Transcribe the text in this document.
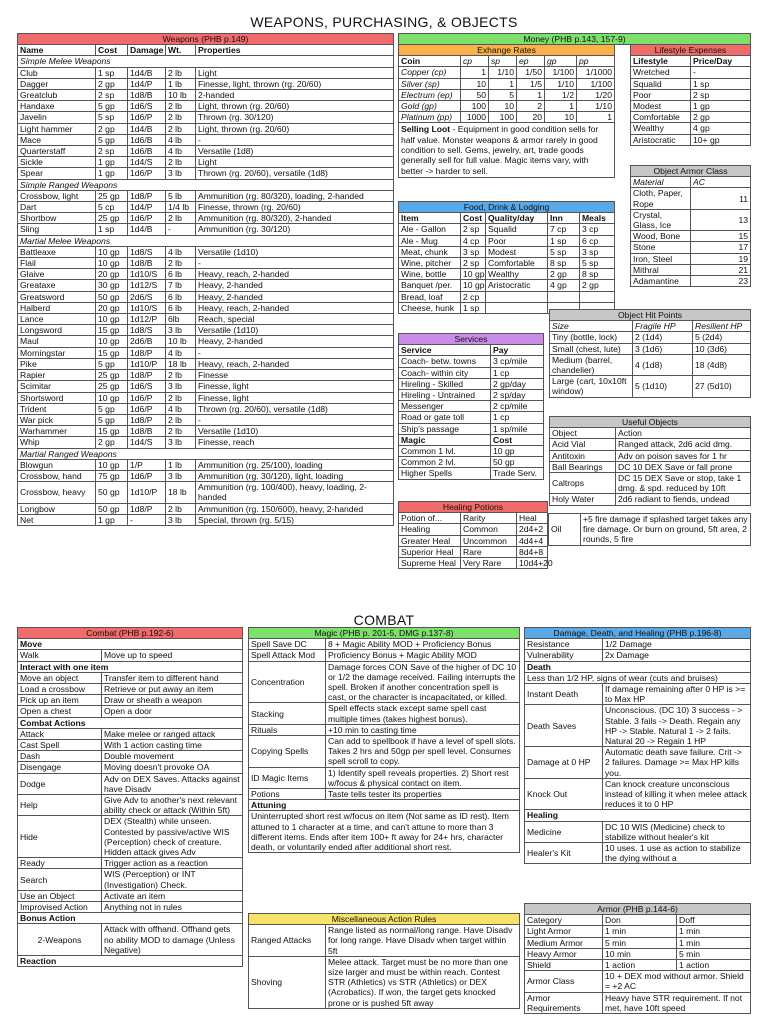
WEAPONS, PURCHASING, & OBJECTS
COMBAT
Weapons (PHB p.149)				
Name	Cost	Damage	Wt.	Properties
Simple Melee Weapons				
Club	1 sp	1d4/B	2 lb	Light
Dagger	2 gp	1d4/P	1 lb	Finesse, light, thrown (rg. 20/60)
Greatclub	2 sp	1d8/B	10 lb	2-handed
Handaxe	5 gp	1d6/S	2 lb	Light, thrown (rg. 20/60)
Javelin	5 sp	1d6/P	2 lb	Thrown (rg. 30/120)
Light hammer	2 gp	1d4/B	2 lb	Light, thrown (rg. 20/60)
Mace	5 gp	1d6/B	4 lb	-
Quarterstaff	2 sp	1d6/B	4 lb	Versatile (1d8)
Sickle	1 gp	1d4/S	2 lb	Light
Spear	1 gp	1d6/P	3 lb	Thrown (rg. 20/60), versatile (1d8)
Simple Ranged Weapons				
Crossbow, light	25 gp	1d8/P	5 lb	Ammunition (rg. 80/320), loading, 2-handed
Dart	5 cp	1d4/P	1/4 lb	Finesse, thrown (rg. 20/60)
Shortbow	25 gp	1d6/P	2 lb	Ammunition (rg. 80/320), 2-handed
Sling	1 sp	1d4/B	-	Ammunition (rg. 30/120)
Martial Melee Weapons				
Battleaxe	10 gp	1d8/S	4 lb	Versatile (1d10)
Flail	10 gp	1d8/B	2 lb	-
Glaive	20 gp	1d10/S	6 lb	Heavy, reach, 2-handed
Greataxe	30 gp	1d12/S	7 lb	Heavy, 2-handed
Greatsword	50 gp	2d6/S	6 lb	Heavy, 2-handed
Halberd	20 gp	1d10/S	6 lb	Heavy, reach, 2-handed
Lance	10 gp	1d12/P	6lb	Reach, special
Longsword	15 gp	1d8/S	3 lb	Versatile (1d10)
Maul	10 gp	2d6/B	10 lb	Heavy, 2-handed
Morningstar	15 gp	1d8/P	4 lb	-
Pike	5 gp	1d10/P	18 lb	Heavy, reach, 2-handed
Rapier	25 gp	1d8/P	2 lb	Finesse
Scimitar	25 gp	1d6/S	3 lb	Finesse, light
Shortsword	10 gp	1d6/P	2 lb	Finesse, light
Trident	5 gp	1d6/P	4 lb	Thrown (rg. 20/60), versatile (1d8)
War pick	5 gp	1d8/P	2 lb	-
Warhammer	15 gp	1d8/B	2 lb	Versatile (1d10)
Whip	2 gp	1d4/S	3 lb	Finesse, reach
Martial Ranged Weapons				
Blowgun	10 gp	1/P	1 lb	Ammunition (rg. 25/100), loading
Crossbow, hand	75 gp	1d6/P	3 lb	Ammunition (rg. 30/120), light, loading
Crossbow, heavy	50 gp	1d10/P	18 lb	Ammunition (rg. 100/400), heavy, loading, 2-handed
Longbow	50 gp	1d8/P	2 lb	Ammunition (rg. 150/600), heavy, 2-handed
Net	1 gp	-	3 lb	Special, thrown (rg. 5/15)
Money (PHB p.143, 157-9)
Exhange Rates					
Coin	cp	sp	ep	gp	pp
Copper (cp)	1	1/10	1/50	1/100	1/1000
Silver (sp)	10	1	1/5	1/10	1/100
Electrum (ep)	50	5	1	1/2	1/20
Gold (gp)	100	10	2	1	1/10
Platinum (pp)	1000	100	20	10	1
Selling Loot - Equipment in good condition sells for half value. Monster weapons & armor rarely in good condition to sell. Gems, jewelry, art, trade goods generally sell for full value. Magic items vary, with better -> harder to sell.
Lifestyle Expenses	
Lifestyle	Price/Day
Wretched	-
Squalid	1 sp
Poor	2 sp
Modest	1 gp
Comfortable	2 gp
Wealthy	4 gp
Aristocratic	10+ gp
Object Armor Class	
Material	AC
Cloth, Paper, Rope	11
Crystal, Glass, Ice	13
Wood, Bone	15
Stone	17
Iron, Steel	19
Mithral	21
Adamantine	23
Food, Drink & Lodging				
Item	Cost	Quality/day	Inn	Meals
Ale - Gallon	2 sp	Squalid	7 cp	3 cp
Ale - Mug	4 cp	Poor	1 sp	6 cp
Meat, chunk	3 sp	Modest	5 sp	3 sp
Wine, pitcher	2 sp	Comfortable	8 sp	5 sp
Wine, bottle	10 gp	Wealthy	2 gp	8 sp
Banquet /per.	10 gp	Aristocratic	4 gp	2 gp
Bread, loaf	2 cp			
Cheese, hunk	1 sp			
Services	
Service	Pay
Coach- betw. towns	3 cp/mile
Coach- within city	1 cp
Hireling - Skilled	2 gp/day
Hireling - Untrained	2 sp/day
Messenger	2 cp/mile
Road or gate toll	1 cp
Ship's passage	1 sp/mile
Magic	Cost
Common 1 lvl.	10 gp
Common 2 lvl.	50 gp
Higher Spells	Trade Serv.
Object Hit Points		
Size	Fragile HP	Resilient HP
Tiny (bottle, lock)	2 (1d4)	5 (2d4)
Small (chest, lute)	3 (1d6)	10 (3d6)
Medium (barrel, chandelier)	4 (1d8)	18 (4d8)
Large (cart, 10x10ft window)	5 (1d10)	27 (5d10)
Useful Objects	
Object	Action
Acid Vial	Ranged attack, 2d6 acid dmg.
Antitoxin	Adv on poison saves for 1 hr
Ball Bearings	DC 10 DEX Save or fall prone
Caltrops	DC 15 DEX Save or stop, take 1 dmg. & spd. reduced by 10ft
Holy Water	2d6 radiant to fiends, undead
Healing Potions		
Potion of...	Rarity	Heal
Healing	Common	2d4+2
Greater Heal	Uncommon	4d4+4
Superior Heal	Rare	8d4+8
Supreme Heal	Very Rare	10d4+20
Combat (PHB p.192-6)	
Move	
Walk	Move up to speed
Interact with one item	
Move an object	Transfer item to different hand
Load a crossbow	Retrieve or put away an item
Pick up an item	Draw or sheath a weapon
Open a chest	Open a door
Combat Actions	
Attack	Make melee or ranged attack
Cast Spell	With 1 action casting time
Dash	Double movement
Disengage	Moving doesn't provoke OA
Dodge	Adv on DEX Saves. Attacks against have Disadv
Help	Give Adv to another's next relevant ability check or attack (Within 5ft)
Hide	DEX (Stealth) while unseen. Contested by passive/active WIS (Perception) check of creature. Hidden attack gives Adv
Ready	Trigger action as a reaction
Search	WIS (Perception) or INT (Investigation) Check.
Use an Object	Activate an item
Improvised Action	Anything not in rules
Bonus Action	
2-Weapons	Attack with offhand. Offhand gets no ability MOD to damage (Unless Negative)
Reaction	
Magic (PHB p. 201-5, DMG p.137-8)	
Spell Save DC	8 + Magic Ability MOD + Proficiency Bonus
Spell Attack Mod	Proficiency Bonus + Magic Ability MOD
Concentration	Damage forces CON Save of the higher of DC 10 or 1/2 the damage received. Failing interrupts the spell. Broken if another concentration spell is cast, or the character is incapacitated, or killed.
Stacking	Spell effects stack except same spell cast multiple times (takes highest bonus).
Rituals	+10 min to casting time
Copying Spells	Can add to spellbook if have a level of spell slots. Takes 2 hrs and 50gp per spell level. Consumes spell scroll to copy.
ID Magic Items	1) Identify spell reveals properties. 2) Short rest w/focus & physical contact on item.
Potions	Taste tells tester its properties
Attuning	
Uninterrupted short rest w/focus on item (Not same as ID rest). Item attuned to 1 character at a time, and can't attune to more than 3 different items. Ends after item 100+ ft away for 24+ hrs, character death, or voluntarily ended after additional short rest.	
Miscellaneous Action Rules	
Ranged Attacks	Range listed as normal/long range. Have Disadv for long range. Have Disadv when target within 5ft
Shoving	Melee attack. Target must be no more than one size larger and must be within reach. Contest STR (Athletics) vs STR (Athletics) or DEX (Acrobatics). If won, the target gets knocked prone or is pushed 5ft away
Damage, Death, and Healing (PHB p.196-8)	
Resistance	1/2 Damage
Vulnerability	2x Damage
Death	
Less than 1/2 HP, signs of wear (cuts and bruises)	
Instant Death	If damage remaining after 0 HP is >= to Max HP
Death Saves	Unconscious. (DC 10) 3 success - > Stable. 3 fails -> Death. Regain any HP -> Stable. Natural 1 -> 2 fails. Natural 20 -> Regain 1 HP
Damage at 0 HP	Automatic death save failure. Crit -> 2 failures. Damage >= Max HP kills you.
Knock Out	Can knock creature unconscious instead of killing it when melee attack reduces it to 0 HP
Healing	
Medicine	DC 10 WIS (Medicine) check to stabilize without healer's kit
Healer's Kit	10 uses. 1 use as action to stabilize the dying without a
Armor (PHB p.144-6)		
Category	Don	Doff
Light Armor	1 min	1 min
Medium Armor	5 min	1 min
Heavy Armor	10 min	5 min
Shield	1 action	1 action
Armor Class	10 + DEX mod without armor. Shield = +2 AC	
Armor Requirements	Heavy have STR requirement. If not met, have 10ft speed	
Oil	+5 fire damage if splashed target takes any fire damage. Or burn on ground, 5ft area, 2 rounds, 5 fire
